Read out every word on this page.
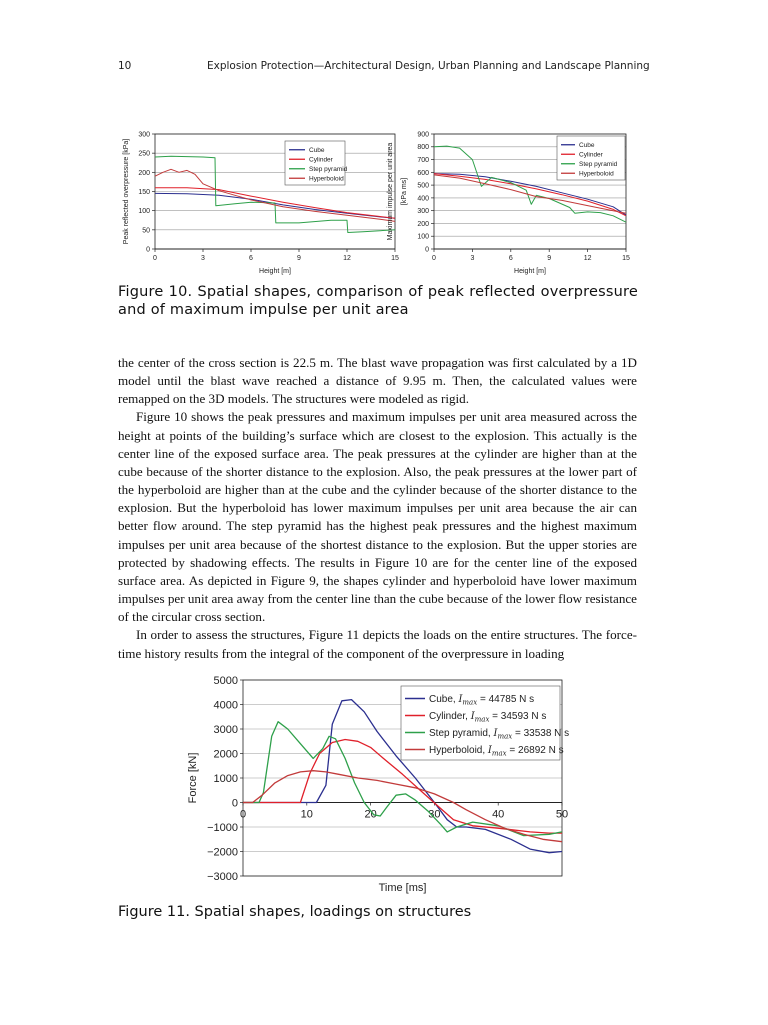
10	Explosion Protection—Architectural Design, Urban Planning and Landscape Planning
0
50
100
150
200
250
300
0	3	6	9	12	15
Height [m]
Peak reflected overpressure [kPa]	Cube
Cylinder
Step pyramid
Hyperboloid
0
100
200
300
400
500
600
700
800
900
0	3	6	9	12	15
Height [m]
Maximum impulse per unit area [kPa ms]
Cube
Cylinder
Step pyramid
Hyperboloid
Figure 10. Spatial shapes, comparison of peak reflected overpressure and of maximum impulse per unit area

the center of the cross section is 22.5 m. The blast wave propagation was first calculated by a 1D model until the blast wave reached a distance of 9.95 m. Then, the calculated values were remapped on the 3D models. The structures were modeled as rigid.

Figure 10 shows the peak pressures and maximum impulses per unit area measured across the height at points of the building’s surface which are closest to the explosion. This actually is the center line of the exposed surface area. The peak pressures at the cylinder are higher than at the cube because of the shorter distance to the explosion. Also, the peak pressures at the lower part of the hyperboloid are higher than at the cube and the cylinder because of the shorter distance to the explosion. But the hyperboloid has lower maximum impulses per unit area because the air can better flow around. The step pyramid has the highest peak pressures and the highest maximum impulses per unit area because of the shortest distance to the explosion. But the upper stories are protected by shadowing effects. The results in Figure 10 are for the center line of the exposed surface area. As depicted in Figure 9, the shapes cylinder and hyperboloid have lower maximum impulses per unit area away from the center line than the cube because of the lower flow resistance of the circular cross section.

In order to assess the structures, Figure 11 depicts the loads on the entire structures. The force-time history results from the integral of the component of the overpressure in loading

−3000
−2000
−1000
0
1000
2000
3000
4000
5000
0	10	20	30	40	50
Time [ms]
Force [kN]
Cube, $I_{max} = 44785$ N s
Cylinder, $I_{max} = 34593$ N s
Step pyramid, $I_{max} = 33538$ N s
Hyperboloid, $I_{max} = 26892$ N s
Figure 11. Spatial shapes, loadings on structures
